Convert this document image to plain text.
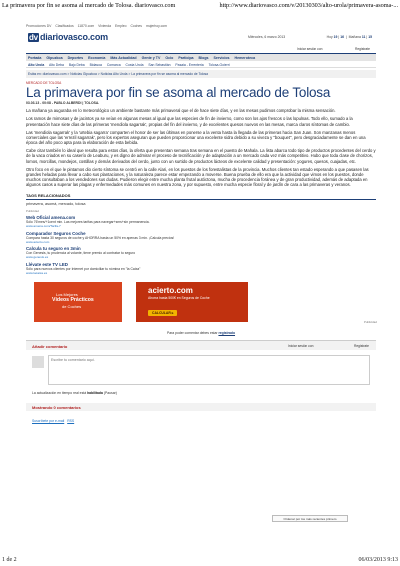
La primavera por fin se asoma al mercado de Tolosa. diariovasco.com	http://www.diariovasco.com/v/20130303/alto-urola/primavera-asoma-...
Promociones DV Clasificados 11870.com Vivienda Empleo Coches mujerhoy.com
dv diariovasco.com	Miércoles, 6 marzo 2013	Hoy 19 | 16  |  Mañana 11 | 15
Iniciar sesión con	Registrate
Portada Gipuzkoa Deportes Economía Más Actualidad Gente y TV Ocio Participa Blogs Servicios Hemeroteca
Alto Urola Alto Deba Bajo Deba Bidasoa Comarca Costa Urola San Sebastián Pasaia - Errenteria Tolosa-Goierri
Estás en: diariovasco.com > Noticias Gipuzkoa > Noticias Alto Urola > La primavera por fin se asoma al mercado de Tolosa
MERCADO DE TOLOSA
La primavera por fin se asoma al mercado de Tolosa
03.03.13 - 00:08 - PABLO ALBERDI | TOLOSA.

La mañana ya auguraba en lo meteorológico un ambiente bastante más primaveral que el de hace siete días, y en las mesas pudimos comprobar la misma sensación.

Los ramos de mimosas y de jacintos ya se veían en algunas mesas al igual que las especies de fin de invierno, como son los ajos frescos o las lopulnas. Todo ello, sumado a la presentación hace siete días de las primeras 'mendiola sagarrak', propias del fin del invierno, y de excelentes quesos nuevos en las mesas, marca claros síntomas de cambio.

Las 'mendiola sagarrak' y la 'urtebia sagarra' comparten el honor de ser las últimas en ponerse a la venta hasta la llegada de las primeras hacia San Juan. Son manzanas menos comerciales que las 'errezil sagarrak', pero los expertos aseguran que pueden proporcionar una excelente sidra debido a su viveza y "bouquet", pero desgraciadamente se dan en una época del año poco apta para la elaboración de esta bebida.

Cabe citar también lo ideal que resulta para estos días, la oferta que presentan semana tras semana en el puesto de Mahala. La lista abarca todo tipo de productos procedentes del cerdo y de la vaca criados en su caserío de Leaburu, y es digno de admirar el proceso de tecnificación y de adaptación a un mercado cada vez más competitivo. Hubo que toda clase de chorizos, lomos, morcillas, mondejos, costillas y demás derivados del cerdo, junto con un surtido de productos lácteos de excelente calidad y presentación: yogures, quesos, cuajadas, etc.

Otro foco en el que le pintamos dio cierto síntoma se centró en la calle Alari, en los puestos de los forestalistas de la provincia. Muchos clientes tan estado esperando a que pasasen las grandes heladas para llevar a cabo sus plantaciones, y la naturaleza parece estar empezando a moverse. Buena prueba de ello era que la actividad que vimos en los puestos, donde muchos consultaban a los vendedores sus dudas. Pudieron elegir entre mucha planta frutal autóctona, mucha de procedencia foránea y de gran productividad, además de adaptada en algunos casos a superar las plagas y enfermedades más comunes en nuestra zona, y por supuesto, entre mucha especie floral y de jardín de cara a las primaveras y veranos.

TAGS RELACIONADOS
primavera, asomá, mercado, tolosa
Publicidad
Web Oficial amena.com
Sólo 76'mes/+1cent min. Las mejores tarifas para navegar+sms+sin permanencia.
www.amena.com/Tarifa-7
Comparador Seguros Coche
Compara hasta 30 seguros de coche y AHORRA hasta un 50% en apenas 3 min. ¡Calcula precios!
www.acierto.com
Calcula tu seguro en 3min
Con Genesis, tu prudencia al volante, tiene premio al contratar tu seguro
www.genesis.es
Llévate este TV LED
Sólo para nuevos clientes por Internet por domiciliar tu nómina en "la Caixa"
www.lacaixa.es
Los Mejores
Vídeos Prácticos
de Coches
acierto.com
Ahorra hasta 500€ en Seguros de Coche
CALCULAR ▸
Publicidad
Para poder comentar debes estar registrado
Añadir comentario	Iniciar sesión con	Registrate
Escribe tu comentario aquí.
La actualización en tiempo real está habilitada (Pausar)
Mostrando 0 comentarios
Suscríbete por e-mail RSS
Ordenar por los más recientes primero
1 de 2	06/03/2013 9:13
